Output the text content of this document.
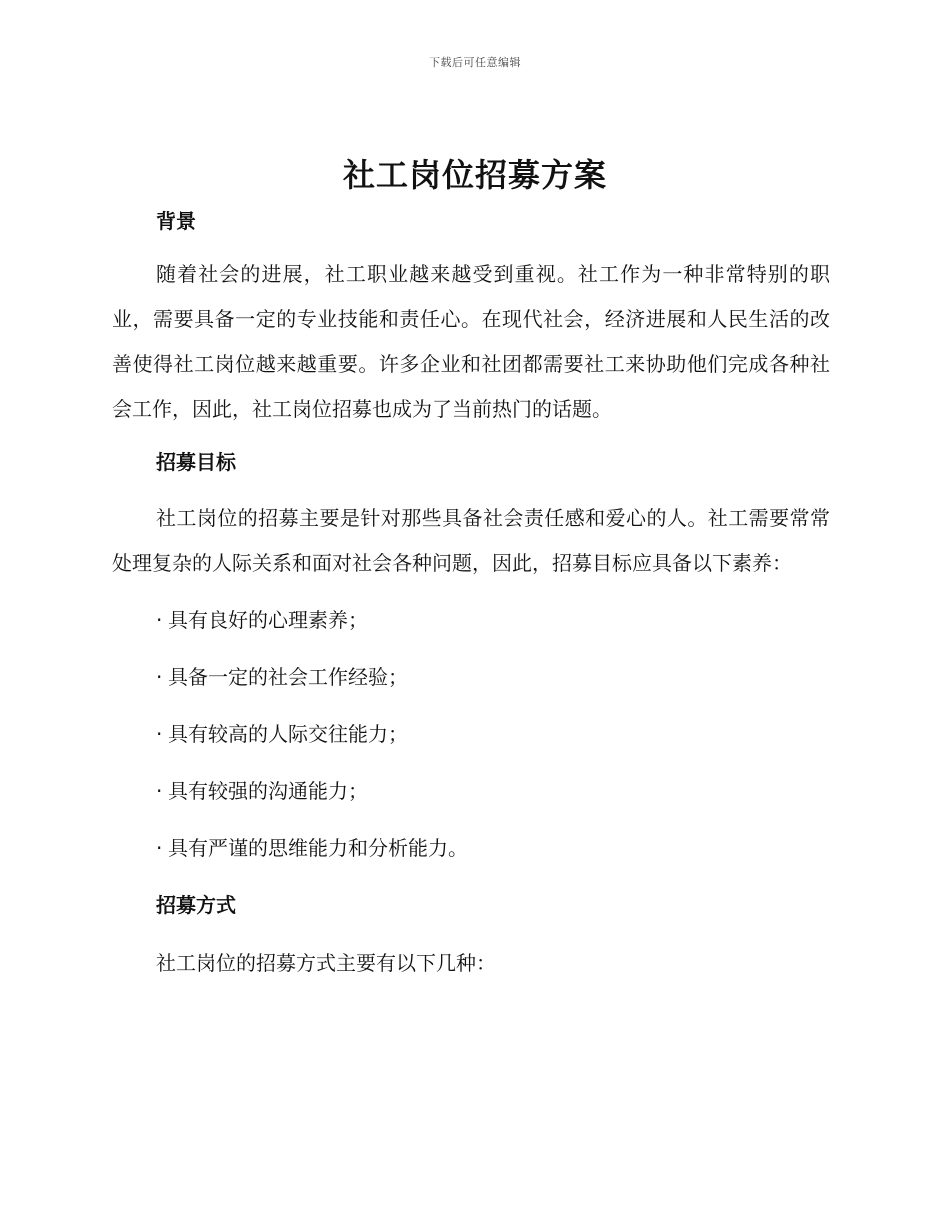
下载后可任意编辑
社工岗位招募方案
背景

随着社会的进展，社工职业越来越受到重视。社工作为一种非常特别的职业，需要具备一定的专业技能和责任心。在现代社会，经济进展和人民生活的改善使得社工岗位越来越重要。许多企业和社团都需要社工来协助他们完成各种社会工作，因此，社工岗位招募也成为了当前热门的话题。

招募目标

社工岗位的招募主要是针对那些具备社会责任感和爱心的人。社工需要常常处理复杂的人际关系和面对社会各种问题，因此，招募目标应具备以下素养：

· 具有良好的心理素养；
· 具备一定的社会工作经验；
· 具有较高的人际交往能力；
· 具有较强的沟通能力；
· 具有严谨的思维能力和分析能力。
招募方式

社工岗位的招募方式主要有以下几种：
